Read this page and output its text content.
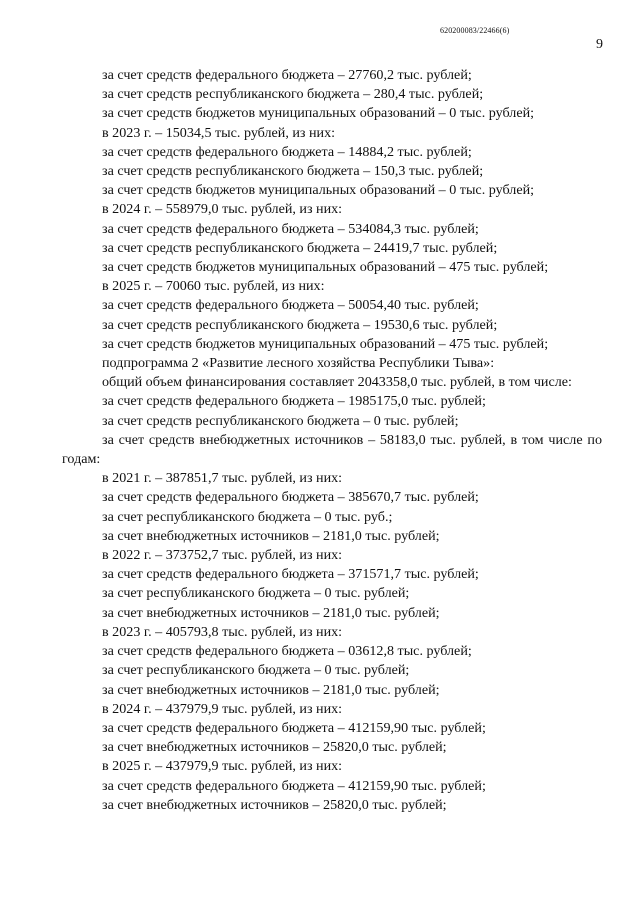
620200083/22466(6)
9
за счет средств федерального бюджета – 27760,2 тыс. рублей;
за счет средств республиканского бюджета – 280,4 тыс. рублей;
за счет средств бюджетов муниципальных образований – 0 тыс. рублей;
в 2023 г. – 15034,5 тыс. рублей, из них:
за счет средств федерального бюджета – 14884,2 тыс. рублей;
за счет средств республиканского бюджета – 150,3 тыс. рублей;
за счет средств бюджетов муниципальных образований – 0 тыс. рублей;
в 2024 г. – 558979,0 тыс. рублей, из них:
за счет средств федерального бюджета – 534084,3 тыс. рублей;
за счет средств республиканского бюджета – 24419,7 тыс. рублей;
за счет средств бюджетов муниципальных образований – 475 тыс. рублей;
в 2025 г. – 70060 тыс. рублей, из них:
за счет средств федерального бюджета – 50054,40 тыс. рублей;
за счет средств республиканского бюджета – 19530,6 тыс. рублей;
за счет средств бюджетов муниципальных образований – 475 тыс. рублей;
подпрограмма 2 «Развитие лесного хозяйства Республики Тыва»:
общий объем финансирования составляет 2043358,0 тыс. рублей, в том числе:
за счет средств федерального бюджета – 1985175,0 тыс. рублей;
за счет средств республиканского бюджета – 0 тыс. рублей;
за счет средств внебюджетных источников – 58183,0 тыс. рублей, в том числе по годам:
в 2021 г. – 387851,7 тыс. рублей, из них:
за счет средств федерального бюджета – 385670,7 тыс. рублей;
за счет республиканского бюджета – 0 тыс. руб.;
за счет внебюджетных источников – 2181,0 тыс. рублей;
в 2022 г. – 373752,7 тыс. рублей, из них:
за счет средств федерального бюджета – 371571,7 тыс. рублей;
за счет республиканского бюджета – 0 тыс. рублей;
за счет внебюджетных источников – 2181,0 тыс. рублей;
в 2023 г. – 405793,8 тыс. рублей, из них:
за счет средств федерального бюджета – 03612,8 тыс. рублей;
за счет республиканского бюджета – 0 тыс. рублей;
за счет внебюджетных источников – 2181,0 тыс. рублей;
в 2024 г. – 437979,9 тыс. рублей, из них:
за счет средств федерального бюджета – 412159,90 тыс. рублей;
за счет внебюджетных источников – 25820,0 тыс. рублей;
в 2025 г. – 437979,9 тыс. рублей, из них:
за счет средств федерального бюджета – 412159,90 тыс. рублей;
за счет внебюджетных источников – 25820,0 тыс. рублей;
